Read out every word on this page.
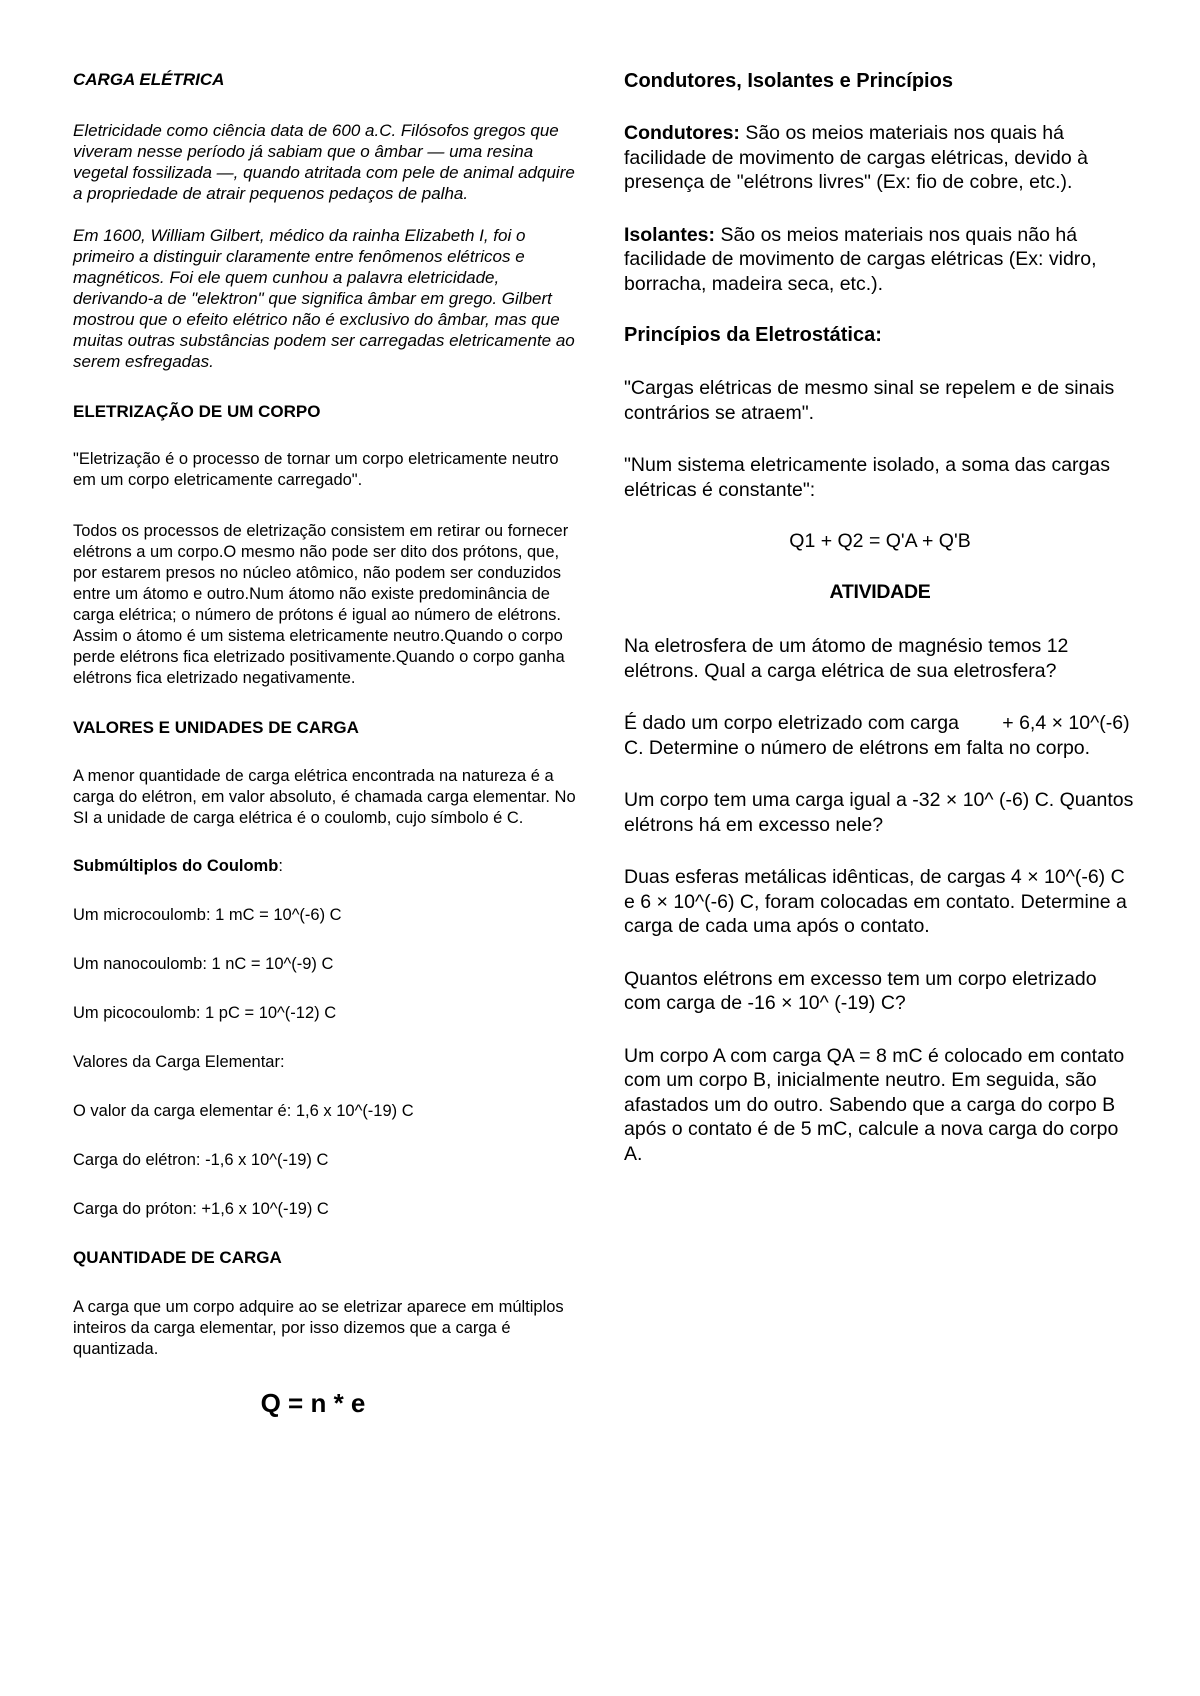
CARGA ELÉTRICA

Eletricidade como ciência data de 600 a.C. Filósofos gregos que viveram nesse período já sabiam que o âmbar — uma resina vegetal fossilizada —, quando atritada com pele de animal adquire a propriedade de atrair pequenos pedaços de palha.

Em 1600, William Gilbert, médico da rainha Elizabeth I, foi o primeiro a distinguir claramente entre fenômenos elétricos e magnéticos. Foi ele quem cunhou a palavra eletricidade, derivando-a de "elektron" que significa âmbar em grego. Gilbert mostrou que o efeito elétrico não é exclusivo do âmbar, mas que muitas outras substâncias podem ser carregadas eletricamente ao serem esfregadas.

ELETRIZAÇÃO DE UM CORPO

"Eletrização é o processo de tornar um corpo eletricamente neutro em um corpo eletricamente carregado".

Todos os processos de eletrização consistem em retirar ou fornecer elétrons a um corpo.O mesmo não pode ser dito dos prótons, que, por estarem presos no núcleo atômico, não podem ser conduzidos entre um átomo e outro.Num átomo não existe predominância de carga elétrica; o número de prótons é igual ao número de elétrons. Assim o átomo é um sistema eletricamente neutro.Quando o corpo perde elétrons fica eletrizado positivamente.Quando o corpo ganha elétrons fica eletrizado negativamente.

VALORES E UNIDADES DE CARGA

A menor quantidade de carga elétrica encontrada na natureza é a carga do elétron, em valor absoluto, é chamada carga elementar. No SI a unidade de carga elétrica é o coulomb, cujo símbolo é C.

Submúltiplos do Coulomb:

Um microcoulomb: 1 mC = 10^(-6) C

Um nanocoulomb: 1 nC = 10^(-9) C

Um picocoulomb: 1 pC = 10^(-12) C

Valores da Carga Elementar:

O valor da carga elementar é: 1,6 x 10^(-19) C

Carga do elétron: -1,6 x 10^(-19) C

Carga do próton: +1,6 x 10^(-19) C

QUANTIDADE DE CARGA

A carga que um corpo adquire ao se eletrizar aparece em múltiplos inteiros da carga elementar, por isso dizemos que a carga é quantizada.

Q = n * e

Condutores, Isolantes e Princípios

Condutores: São os meios materiais nos quais há facilidade de movimento de cargas elétricas, devido à presença de "elétrons livres" (Ex: fio de cobre, etc.).

Isolantes: São os meios materiais nos quais não há facilidade de movimento de cargas elétricas (Ex: vidro, borracha, madeira seca, etc.).

Princípios da Eletrostática:

"Cargas elétricas de mesmo sinal se repelem e de sinais contrários se atraem".

"Num sistema eletricamente isolado, a soma das cargas elétricas é constante":

Q1 + Q2 = Q'A + Q'B

ATIVIDADE

Na eletrosfera de um átomo de magnésio temos 12 elétrons. Qual a carga elétrica de sua eletrosfera?

É dado um corpo eletrizado com carga        + 6,4 × 10^(-6) C. Determine o número de elétrons em falta no corpo.

Um corpo tem uma carga igual a -32 × 10^ (-6) C. Quantos elétrons há em excesso nele?

Duas esferas metálicas idênticas, de cargas 4 × 10^(-6) C e 6 × 10^(-6) C, foram colocadas em contato. Determine a carga de cada uma após o contato.

Quantos elétrons em excesso tem um corpo eletrizado com carga de -16 × 10^ (-19) C?

Um corpo A com carga QA = 8 mC é colocado em contato com um corpo B, inicialmente neutro. Em seguida, são afastados um do outro. Sabendo que a carga do corpo B após o contato é de 5 mC, calcule a nova carga do corpo A.
